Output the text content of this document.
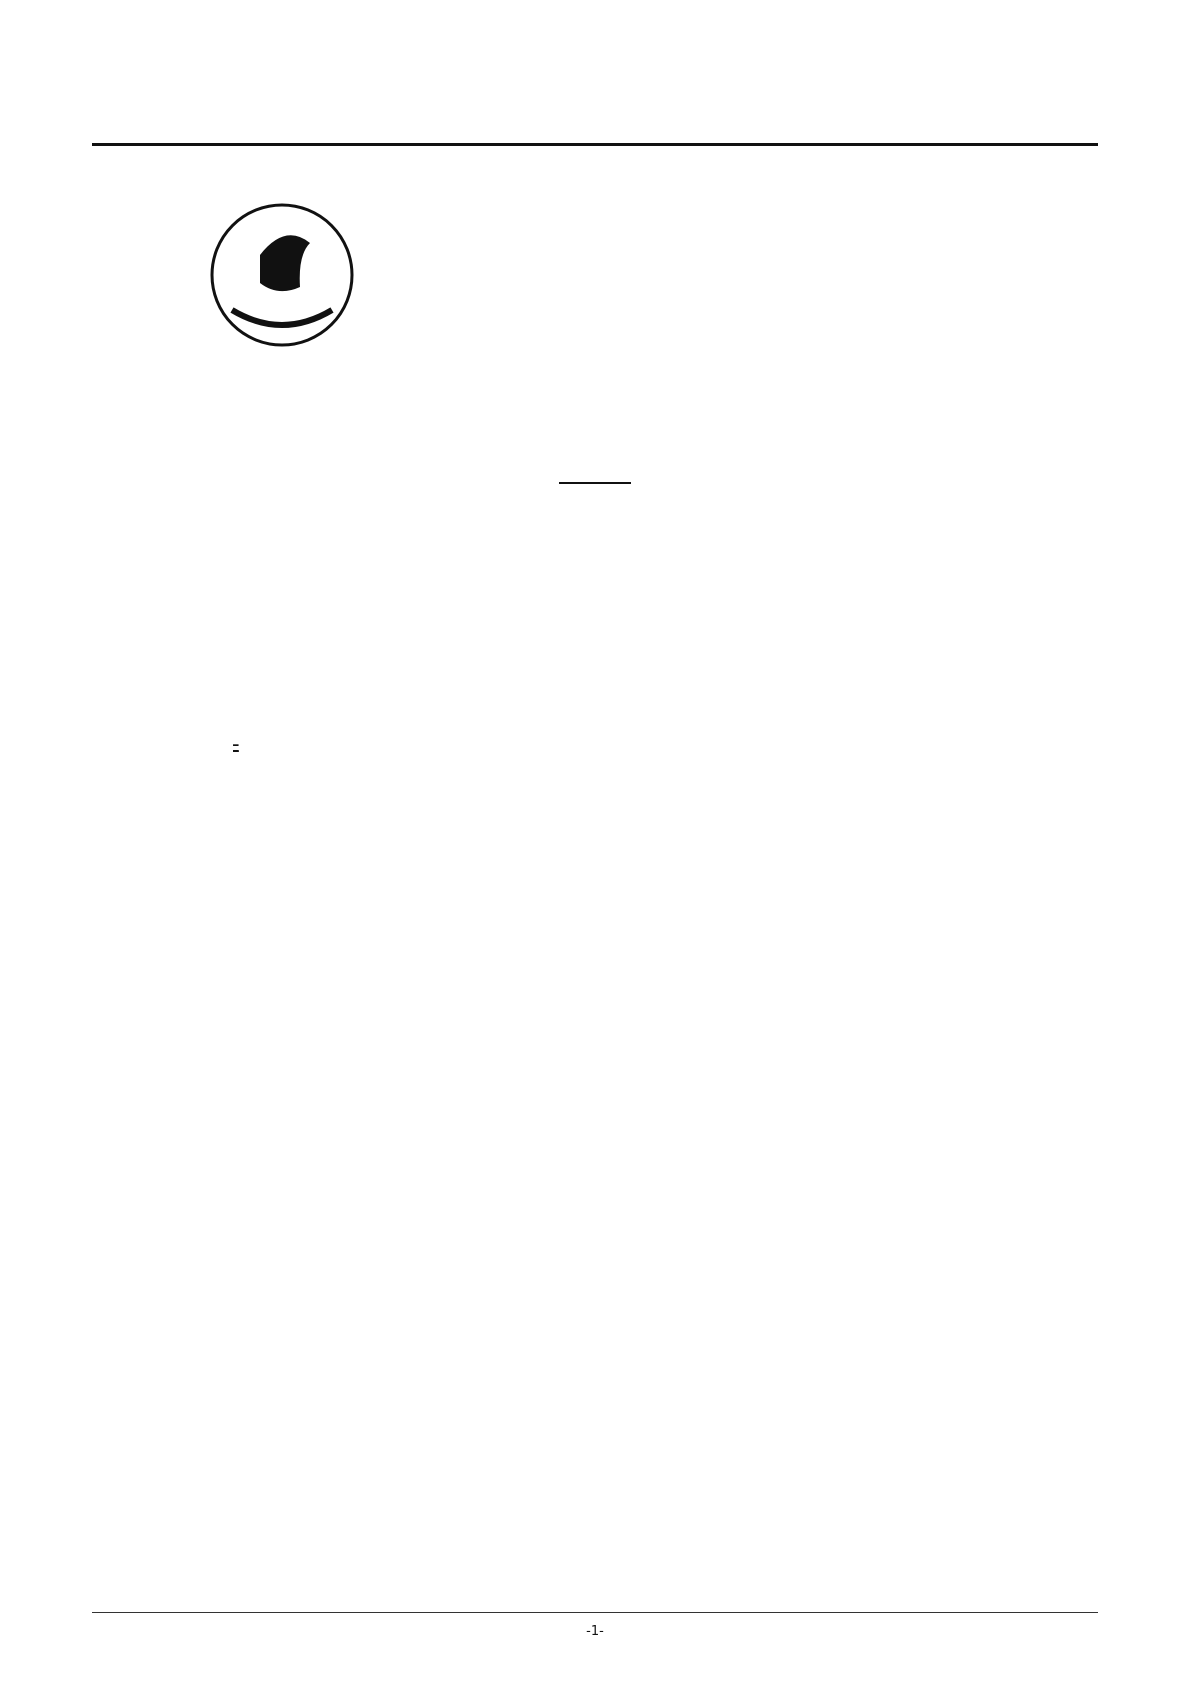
-1-
